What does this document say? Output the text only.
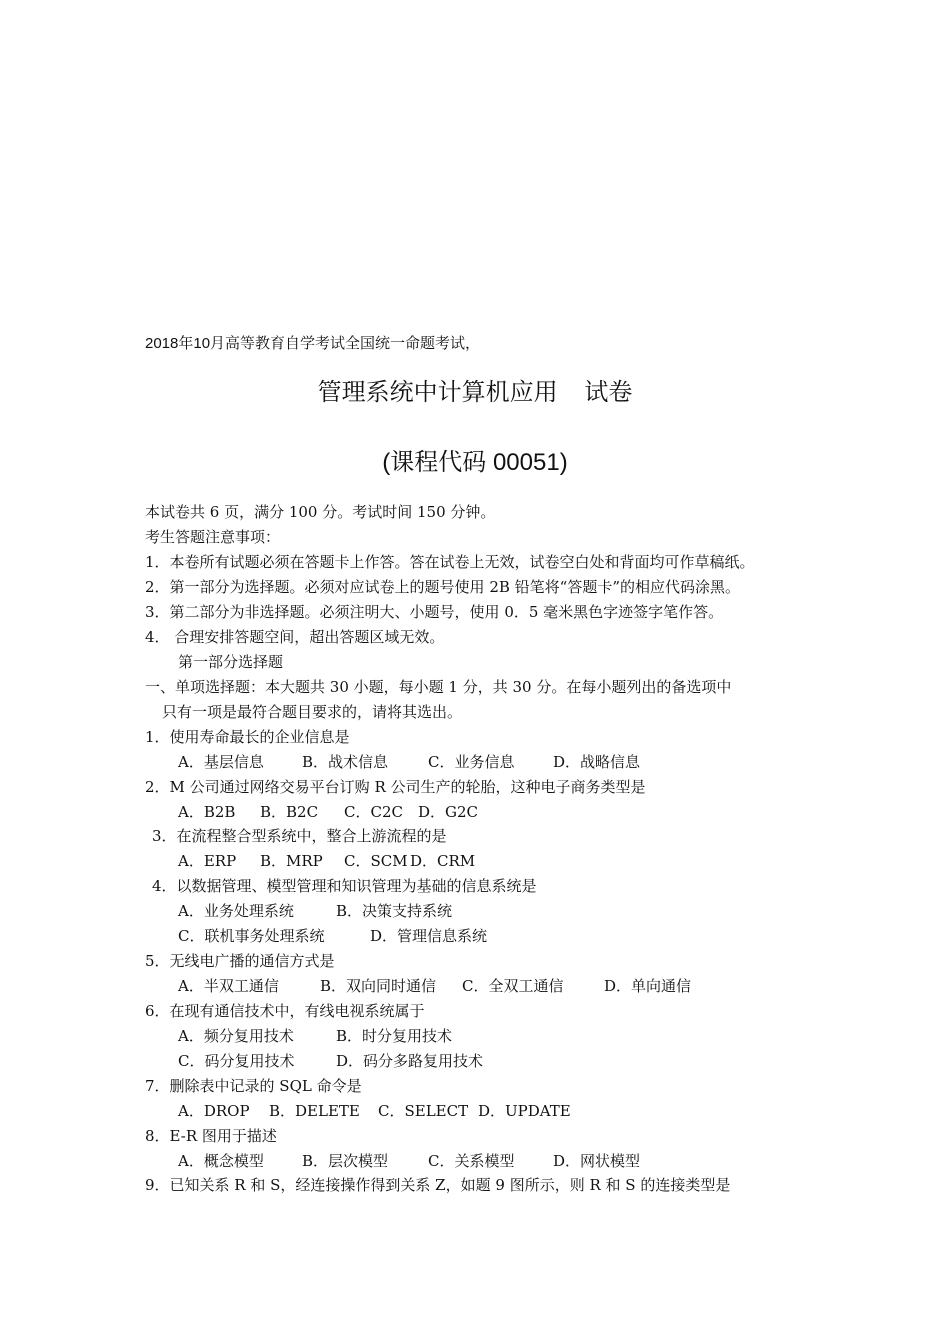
2018年10月高等教育自学考试全国统一命题考试，
管理系统中计算机应用    试卷
(课程代码 00051)
本试卷共 6 页，满分 100 分。考试时间 150 分钟。
考生答题注意事项：
1．本卷所有试题必须在答题卡上作答。答在试卷上无效，试卷空白处和背面均可作草稿纸。
2．第一部分为选择题。必须对应试卷上的题号使用 2B 铅笔将“答题卡”的相应代码涂黑。
3．第二部分为非选择题。必须注明大、小题号，使用 0．5 毫米黑色字迹签字笔作答。
4． 合理安排答题空间，超出答题区域无效。
第一部分选择题
一、单项选择题：本大题共 30 小题，每小题 1 分，共 30 分。在每小题列出的备选项中
只有一项是最符合题目要求的，请将其选出。
1．使用寿命最长的企业信息是
A．基层信息	B．战术信息	C．业务信息	D．战略信息
2．M 公司通过网络交易平台订购 R 公司生产的轮胎，这种电子商务类型是
A．B2B B．B2C C．C2C D．G2C
3．在流程整合型系统中，整合上游流程的是
A．ERP B．MRP C．SCM D．CRM
4．以数据管理、模型管理和知识管理为基础的信息系统是
A．业务处理系统	B．决策支持系统
C．联机事务处理系统	D．管理信息系统
5．无线电广播的通信方式是
A．半双工通信	B．双向同时通信 C．全双工通信	D．单向通信
6．在现有通信技术中，有线电视系统属于
A．频分复用技术	B．时分复用技术
C．码分复用技术	D．码分多路复用技术
7．删除表中记录的 SQL 命令是
A．DROP B．DELETE C．SELECT D．UPDATE
8．E-R 图用于描述
A．概念模型	B．层次模型	C．关系模型	D．网状模型
9．已知关系 R 和 S，经连接操作得到关系 Z，如题 9 图所示，则 R 和 S 的连接类型是
